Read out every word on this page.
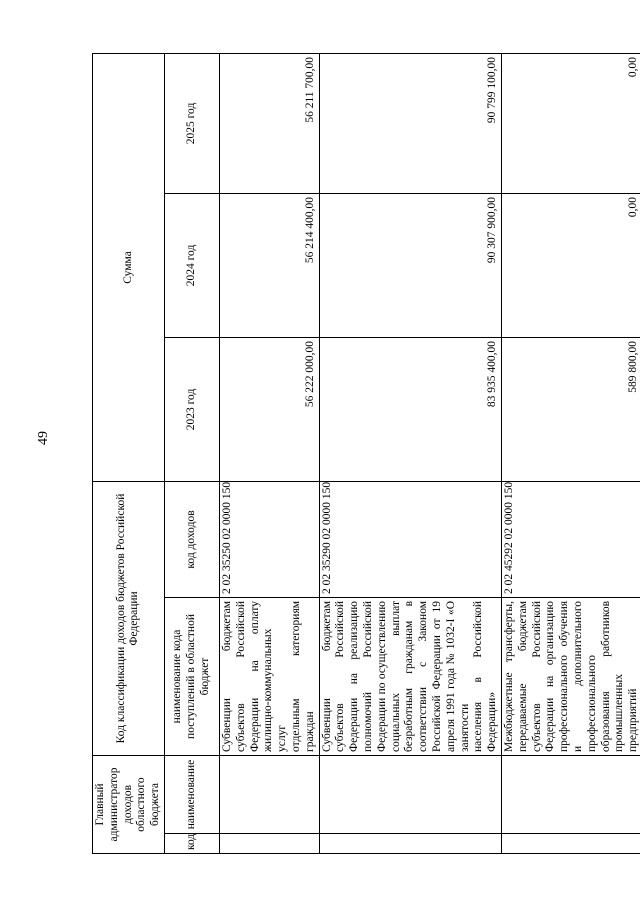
49
Главный администратор доходов областного бюджета		Код классификации доходов бюджетов Российской Федерации		Сумма		
код	наименование	наименование кода поступлений в областной бюджет	код доходов	2023 год	2024 год	2025 год

		Субвенции бюджетам субъектов Российской Федерации на оплату жилищно-коммунальных услуг отдельным категориям граждан	2 02 35250 02 0000 150	56 222 000,00	56 214 400,00	56 211 700,00
		Субвенции бюджетам субъектов Российской Федерации на реализацию полномочий Российской Федерации по осуществлению социальных выплат безработным гражданам в соответствии с Законом Российской Федерации от 19 апреля 1991 года № 1032-I «О занятости населения в Российской Федерации»	2 02 35290 02 0000 150	83 935 400,00	90 307 900,00	90 799 100,00
		Межбюджетные трансферты, передаваемые бюджетам субъектов Российской Федерации на организацию профессионального обучения и дополнительного профессионального образования работников промышленных предприятий	2 02 45292 02 0000 150	589 800,00	0,00	0,00
